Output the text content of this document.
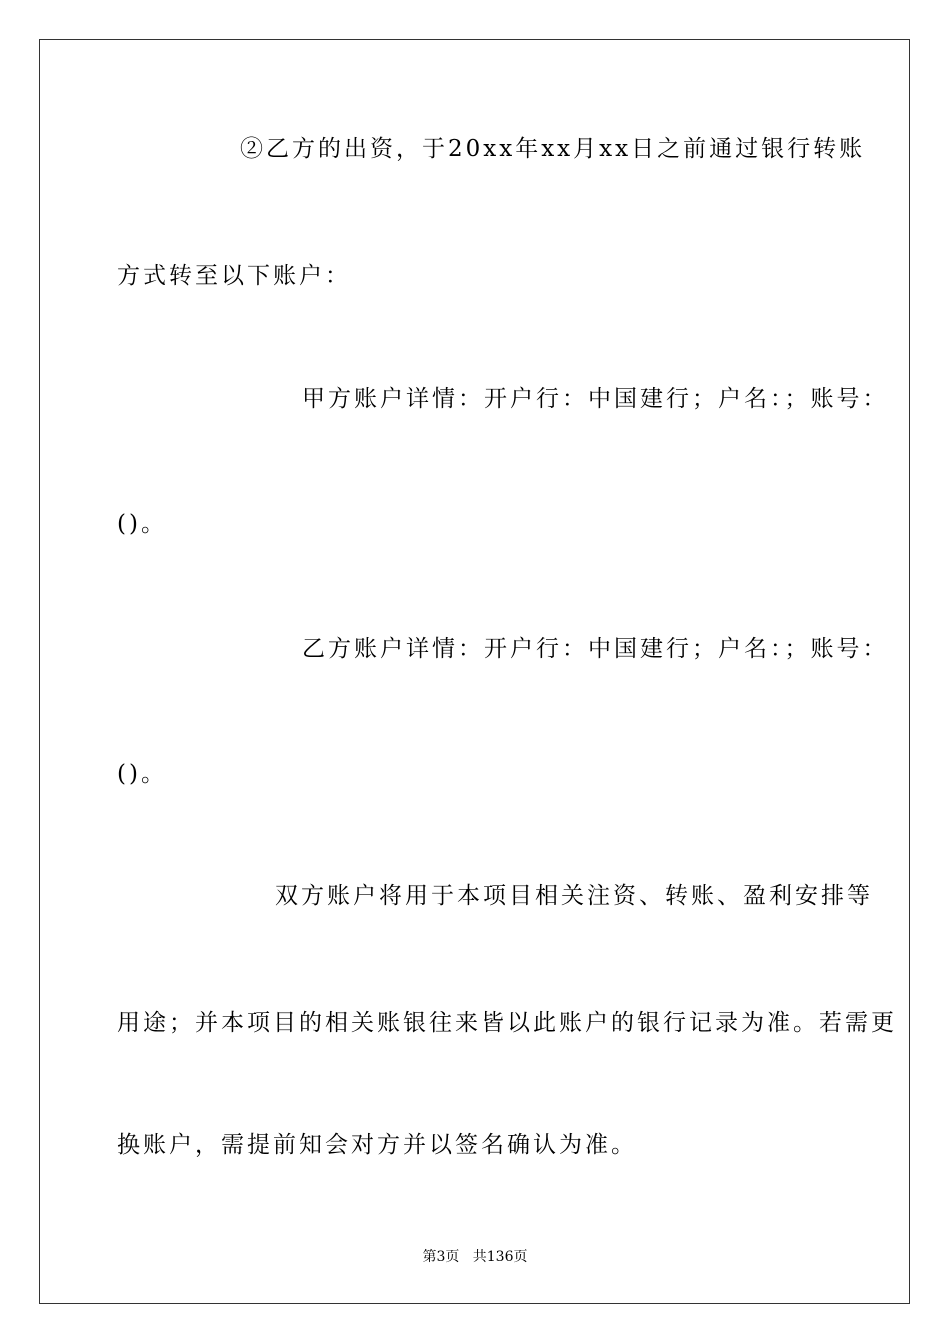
②乙方的出资，于20xx年xx月xx日之前通过银行转账
方式转至以下账户：
甲方账户详情：开户行：中国建行；户名：；账号：
()。
乙方账户详情：开户行：中国建行；户名：；账号：
()。
双方账户将用于本项目相关注资、转账、盈利安排等
用途；并本项目的相关账银往来皆以此账户的银行记录为准。若需更
换账户，需提前知会对方并以签名确认为准。
第3页   共136页
